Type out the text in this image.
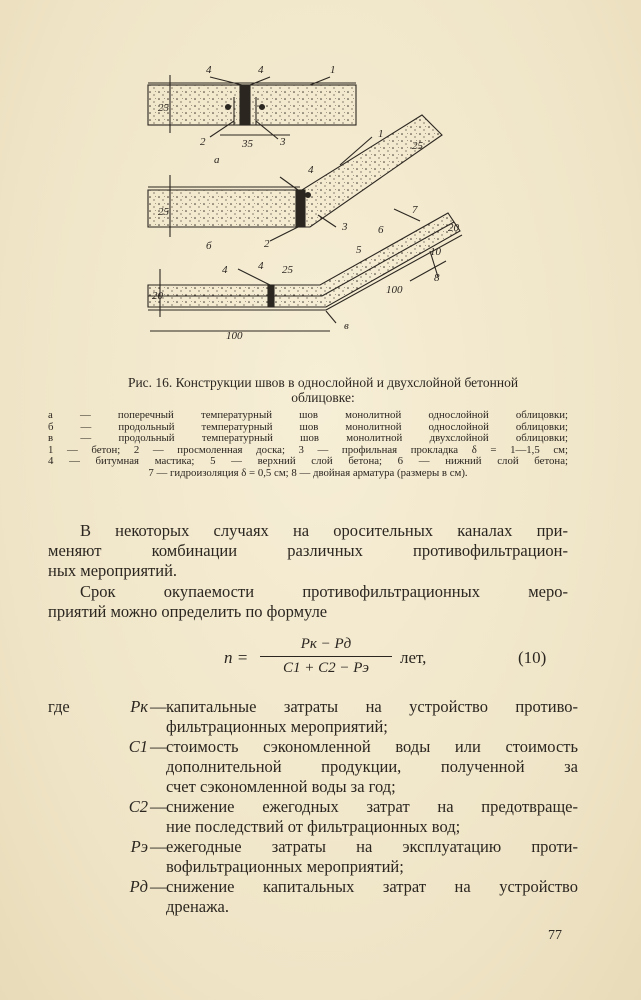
4	4	1
25
2	35 3
а
1
4
25
25
3
2
б
4	4 25
7
6
5
20
10
8
100
100
20
в
Рис. 16. Конструкции швов в однослойной и двухслойной бетонной
облицовке:
а — поперечный температурный шов монолитной однослойной облицовки;
б — продольный температурный шов монолитной однослойной облицовки;
в — продольный температурный шов монолитной двухслойной облицовки;
1 — бетон; 2 — просмоленная доска; 3 — профильная прокладка δ = 1—1,5 см;
4 — битумная мастика; 5 — верхний слой бетона; 6 — нижний слой бетона;
7 — гидроизоляция δ = 0,5 см; 8 — двойная арматура (размеры в см).
В некоторых случаях на оросительных каналах при-
меняют комбинации различных противофильтрацион-
ных мероприятий.
Срок окупаемости противофильтрационных меро-
приятий можно определить по формуле
n =
Pк − Pд
C1 + C2 − Pэ
лет,	(10)
где	Pк — капитальные затраты на устройство противо-
фильтрационных мероприятий;
C1 — стоимость сэкономленной воды или стоимость
дополнительной продукции, полученной за
счет сэкономленной воды за год;
C2 — снижение ежегодных затрат на предотвраще-
ние последствий от фильтрационных вод;
Pэ — ежегодные затраты на эксплуатацию проти-
вофильтрационных мероприятий;
Pд — снижение капитальных затрат на устройство
дренажа.
77
